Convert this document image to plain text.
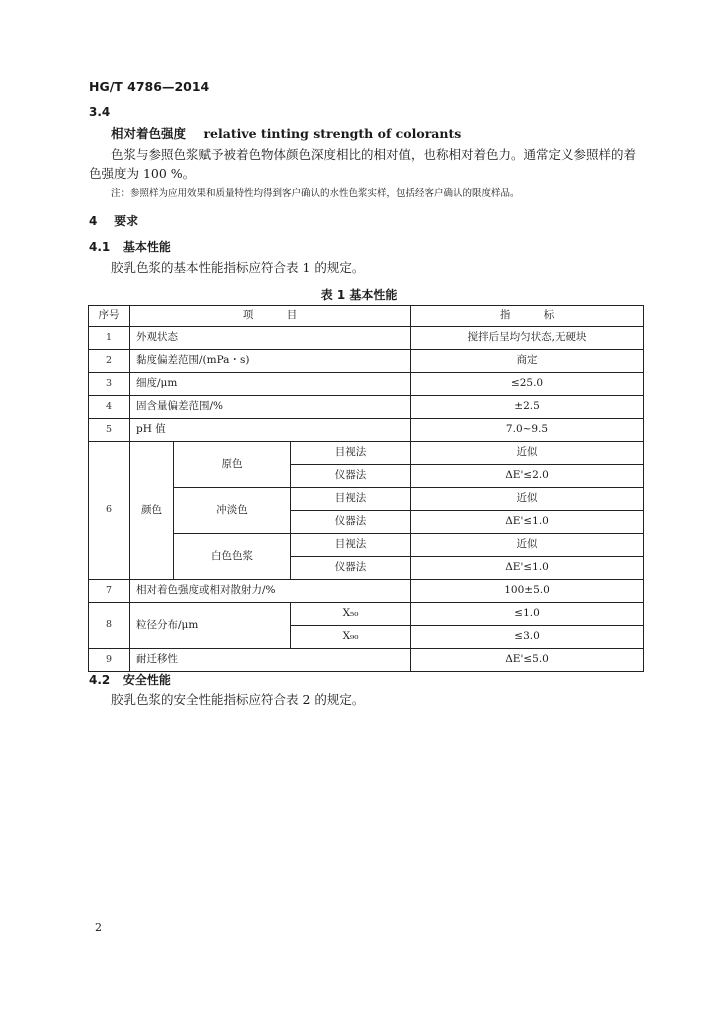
HG/T 4786—2014
3.4
相对着色强度 relative tinting strength of colorants
色浆与参照色浆赋予被着色物体颜色深度相比的相对值，也称相对着色力。通常定义参照样的着
色强度为 100 %。
注：参照样为应用效果和质量特性均得到客户确认的水性色浆实样，包括经客户确认的限度样品。
4 要求
4.1 基本性能
胶乳色浆的基本性能指标应符合表 1 的规定。
表 1 基本性能
序号	项          目			指          标
1	外观状态			搅拌后呈均匀状态,无硬块
2	黏度偏差范围/(mPa・s)			商定
3	细度/μm			≤25.0
4	固含量偏差范围/%			±2.5
5	pH 值			7.0~9.5
6	颜色	原色	目视法	近似
			仪器法	ΔE'≤2.0
		冲淡色	目视法	近似
			仪器法	ΔE'≤1.0
		白色色浆	目视法	近似
			仪器法	ΔE'≤1.0
7	相对着色强度或相对散射力/%			100±5.0
8	粒径分布/μm		X₅₀	≤1.0
			X₉₀	≤3.0
9	耐迁移性			ΔE'≤5.0
4.2 安全性能
胶乳色浆的安全性能指标应符合表 2 的规定。
2
